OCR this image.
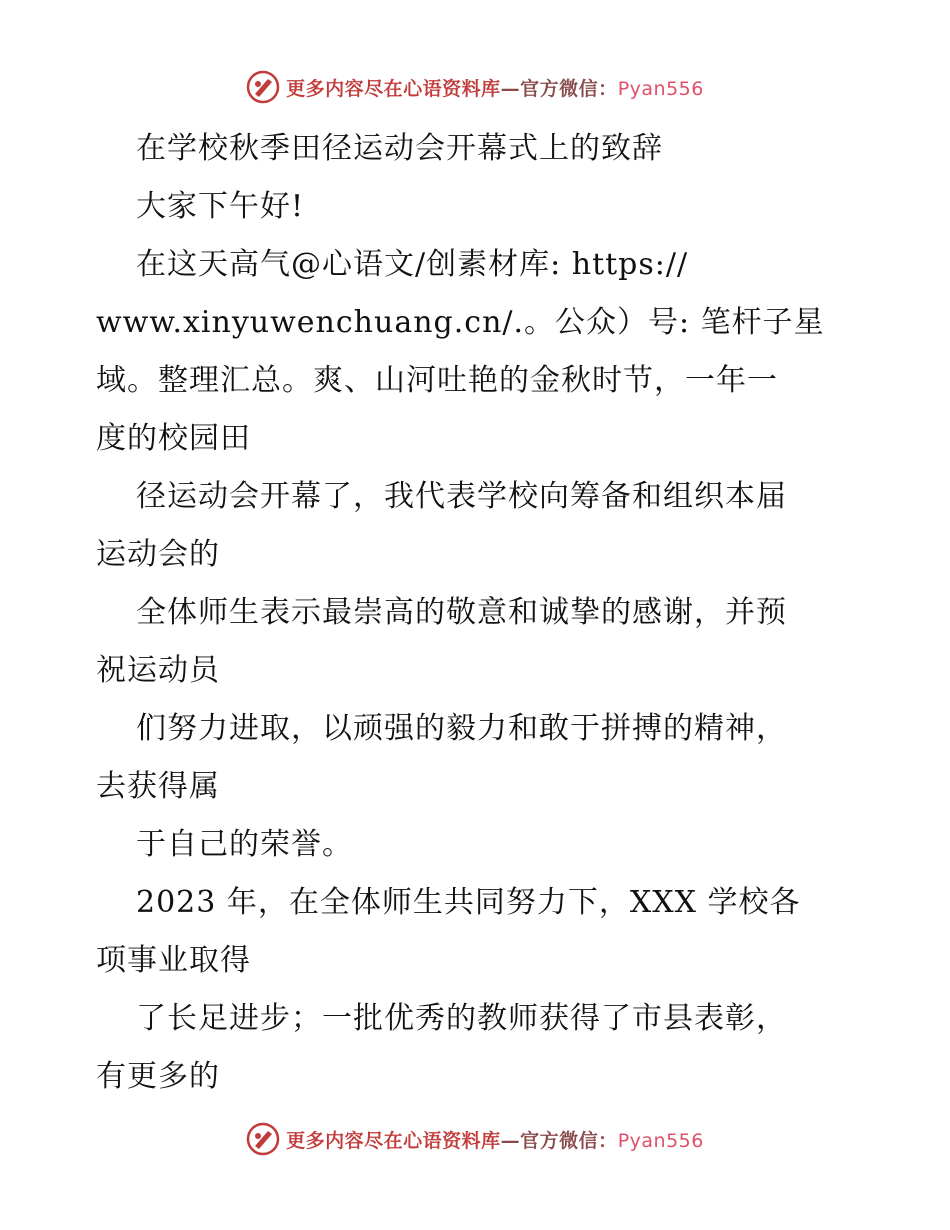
更多内容尽在心语资料库—官方微信：Pyan556
在学校秋季田径运动会开幕式上的致辞
大家下午好!
在这天高气@心语文/创素材库: https://
www.xinyuwenchuang.cn/.。公众）号: 笔杆子星
域。整理汇总。爽、山河吐艳的金秋时节，一年一
度的校园田
径运动会开幕了，我代表学校向筹备和组织本届
运动会的
全体师生表示最崇高的敬意和诚挚的感谢，并预
祝运动员
们努力进取，以顽强的毅力和敢于拼搏的精神，
去获得属
于自己的荣誉。
2023 年，在全体师生共同努力下，XXX 学校各
项事业取得
了长足进步；一批优秀的教师获得了市县表彰，
有更多的
更多内容尽在心语资料库—官方微信：Pyan556
